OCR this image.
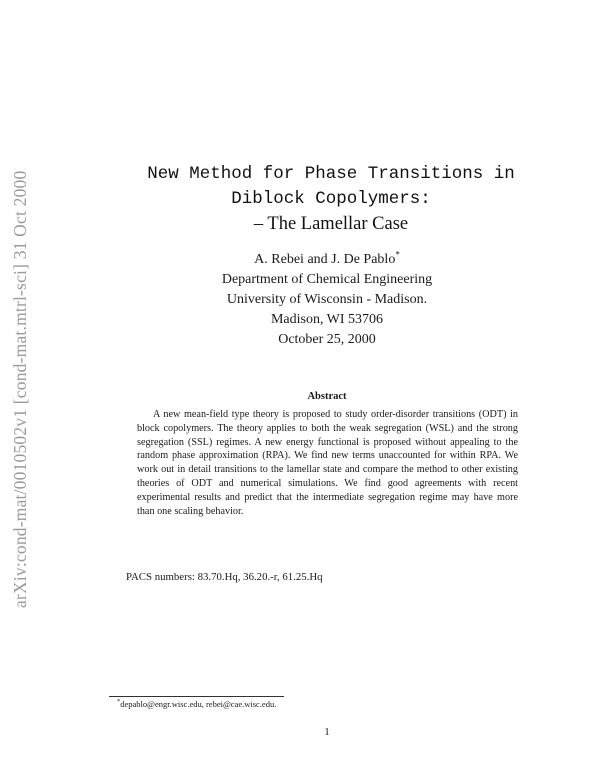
arXiv:cond-mat/0010502v1 [cond-mat.mtrl-sci] 31 Oct 2000	New Method for Phase Transitions in
Diblock Copolymers:
– The Lamellar Case
A. Rebei and J. De Pablo*
Department of Chemical Engineering
University of Wisconsin - Madison.
Madison, WI 53706
October 25, 2000
Abstract
A new mean-field type theory is proposed to study order-disorder transitions (ODT) in block copolymers. The theory applies to both the weak segregation (WSL) and the strong segregation (SSL) regimes. A new energy functional is proposed without appealing to the random phase approximation (RPA). We find new terms unaccounted for within RPA. We work out in detail transitions to the lamellar state and compare the method to other existing theories of ODT and numerical simulations. We find good agreements with recent experimental results and predict that the intermediate segregation regime may have more than one scaling behavior.
PACS numbers: 83.70.Hq, 36.20.-r, 61.25.Hq
*depablo@engr.wisc.edu, rebei@cae.wisc.edu.
1
